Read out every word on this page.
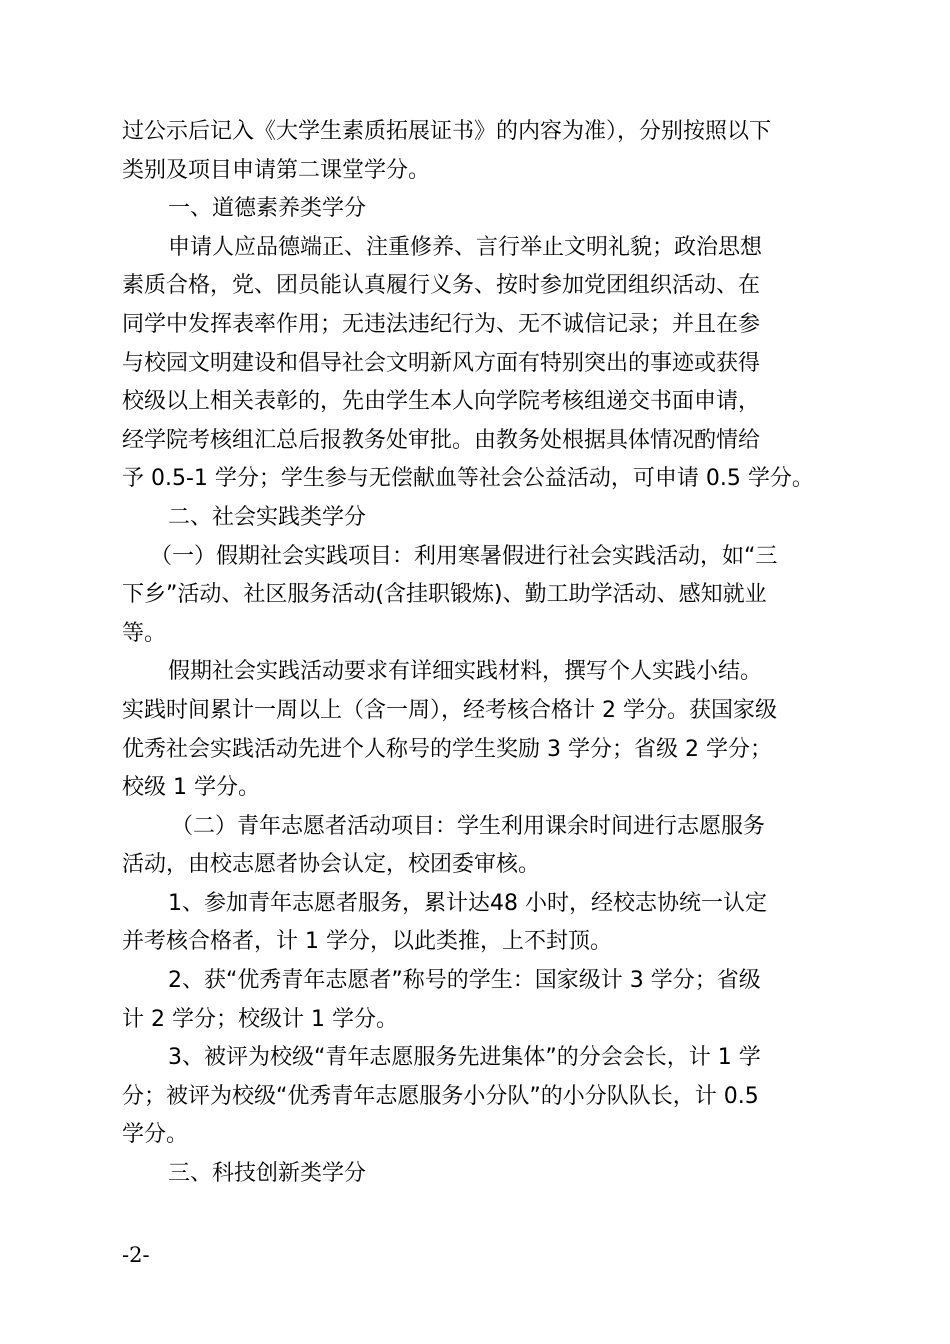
过公示后记入《大学生素质拓展证书》的内容为准），分别按照以下
类别及项目申请第二课堂学分。
一、道德素养类学分
申请人应品德端正、注重修养、言行举止文明礼貌；政治思想
素质合格，党、团员能认真履行义务、按时参加党团组织活动、在
同学中发挥表率作用；无违法违纪行为、无不诚信记录；并且在参
与校园文明建设和倡导社会文明新风方面有特别突出的事迹或获得
校级以上相关表彰的，先由学生本人向学院考核组递交书面申请，
经学院考核组汇总后报教务处审批。由教务处根据具体情况酌情给
予 0.5-1 学分；学生参与无偿献血等社会公益活动，可申请 0.5 学分。
二、社会实践类学分
（一）假期社会实践项目：利用寒暑假进行社会实践活动，如“三
下乡”活动、社区服务活动(含挂职锻炼)、勤工助学活动、感知就业
等。
假期社会实践活动要求有详细实践材料，撰写个人实践小结。
实践时间累计一周以上（含一周），经考核合格计 2 学分。获国家级
优秀社会实践活动先进个人称号的学生奖励 3 学分；省级 2 学分；
校级 1 学分。
（二）青年志愿者活动项目：学生利用课余时间进行志愿服务
活动，由校志愿者协会认定，校团委审核。
1、参加青年志愿者服务，累计达48 小时，经校志协统一认定
并考核合格者，计 1 学分，以此类推，上不封顶。
2、获“优秀青年志愿者”称号的学生：国家级计 3 学分；省级
计 2 学分；校级计 1 学分。
3、被评为校级“青年志愿服务先进集体”的分会会长，计 1 学
分；被评为校级“优秀青年志愿服务小分队”的小分队队长，计 0.5
学分。
三、科技创新类学分
-2-
